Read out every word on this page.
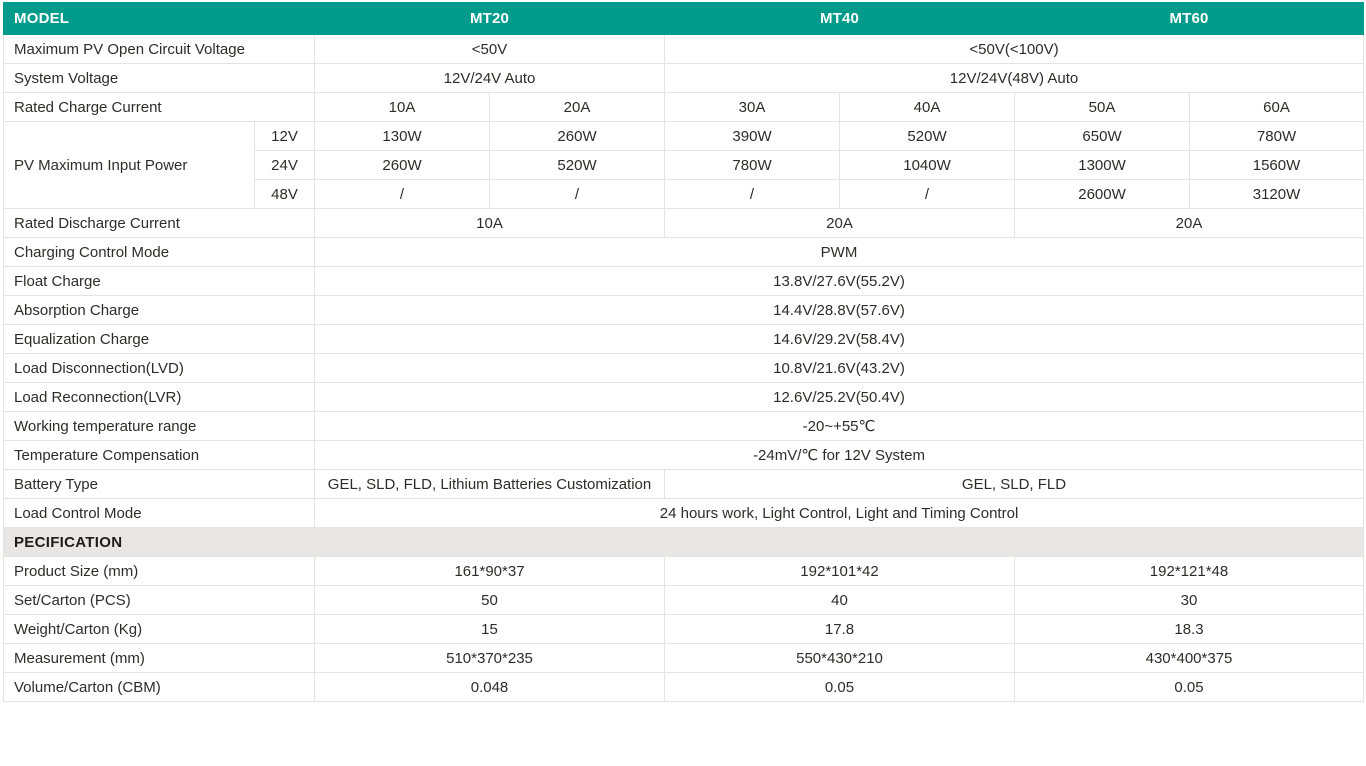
MODEL		MT20		MT40		MT60	
Maximum PV Open Circuit Voltage		<50V		<50V(<100V)			
System Voltage		12V/24V Auto		12V/24V(48V) Auto			
Rated Charge Current		10A	20A	30A	40A	50A	60A
PV Maximum Input Power	12V	130W	260W	390W	520W	650W	780W
	24V	260W	520W	780W	1040W	1300W	1560W
	48V	/	/	/	/	2600W	3120W
Rated Discharge Current		10A		20A		20A	
Charging Control Mode		PWM					
Float Charge		13.8V/27.6V(55.2V)					
Absorption Charge		14.4V/28.8V(57.6V)					
Equalization Charge		14.6V/29.2V(58.4V)					
Load Disconnection(LVD)		10.8V/21.6V(43.2V)					
Load Reconnection(LVR)		12.6V/25.2V(50.4V)					
Working temperature range		-20~+55℃					
Temperature Compensation		-24mV/℃ for 12V System					
Battery Type		GEL, SLD, FLD, Lithium Batteries Customization		GEL, SLD, FLD			
Load Control Mode		24 hours work, Light Control, Light and Timing Control					
PECIFICATION							
Product Size (mm)		161*90*37		192*101*42		192*121*48	
Set/Carton (PCS)		50		40		30	
Weight/Carton (Kg)		15		17.8		18.3	
Measurement (mm)		510*370*235		550*430*210		430*400*375	
Volume/Carton (CBM)		0.048		0.05		0.05	
